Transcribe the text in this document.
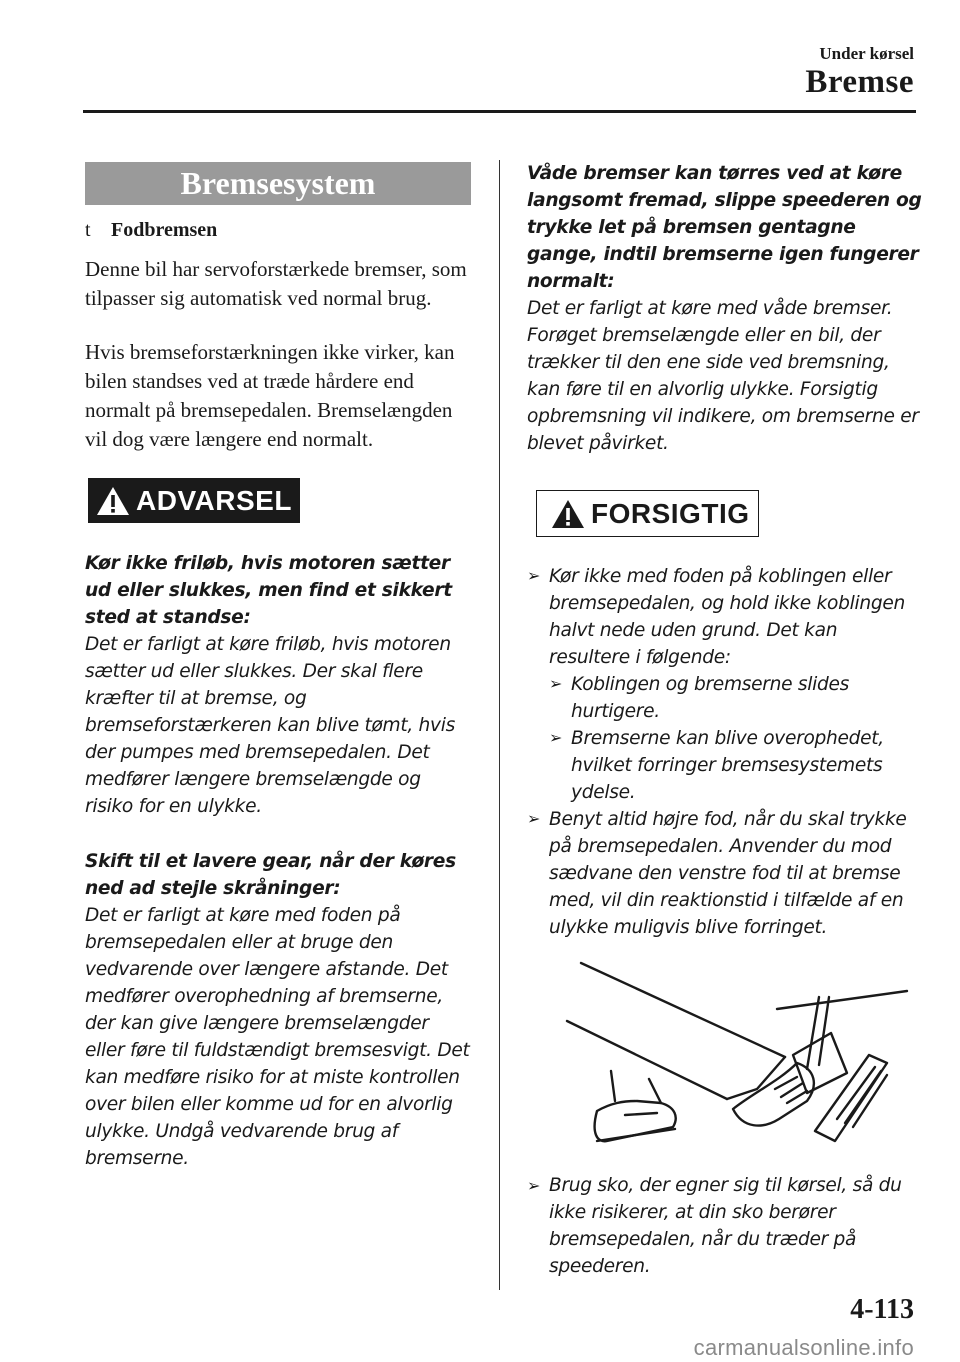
Under kørsel
Bremse
Bremsesystem
t	Fodbremsen

Denne bil har servoforstærkede bremser, som tilpasser sig automatisk ved normal brug.

Hvis bremseforstærkningen ikke virker, kan bilen standses ved at træde hårdere end normalt på bremsepedalen. Bremselængden vil dog være længere end normalt.

ADVARSEL

Kør ikke friløb, hvis motoren sætter ud eller slukkes, men find et sikkert sted at standse:

Det er farligt at køre friløb, hvis motoren sætter ud eller slukkes. Der skal flere kræfter til at bremse, og bremseforstærkeren kan blive tømt, hvis der pumpes med bremsepedalen. Det medfører længere bremselængde og risiko for en ulykke.

Skift til et lavere gear, når der køres ned ad stejle skråninger:

Det er farligt at køre med foden på bremsepedalen eller at bruge den vedvarende over længere afstande. Det medfører overophedning af bremserne, der kan give længere bremselængder eller føre til fuldstændigt bremsesvigt. Det kan medføre risiko for at miste kontrollen over bilen eller komme ud for en alvorlig ulykke. Undgå vedvarende brug af bremserne.

Våde bremser kan tørres ved at køre langsomt fremad, slippe speederen og trykke let på bremsen gentagne gange, indtil bremserne igen fungerer normalt:

Det er farligt at køre med våde bremser. Forøget bremselængde eller en bil, der trækker til den ene side ved bremsning, kan føre til en alvorlig ulykke. Forsigtig opbremsning vil indikere, om bremserne er blevet påvirket.

FORSIGTIG
➢ Kør ikke med foden på koblingen eller bremsepedalen, og hold ikke koblingen halvt nede uden grund. Det kan resultere i følgende:

➢ Koblingen og bremserne slides hurtigere.

➢ Bremserne kan blive overophedet, hvilket forringer bremsesystemets ydelse.

➢ Benyt altid højre fod, når du skal trykke på bremsepedalen. Anvender du mod sædvane den venstre fod til at bremse med, vil din reaktionstid i tilfælde af en ulykke muligvis blive forringet.

➢ Brug sko, der egner sig til kørsel, så du ikke risikerer, at din sko berører bremsepedalen, når du træder på speederen.

4-113
carmanualsonline.info
